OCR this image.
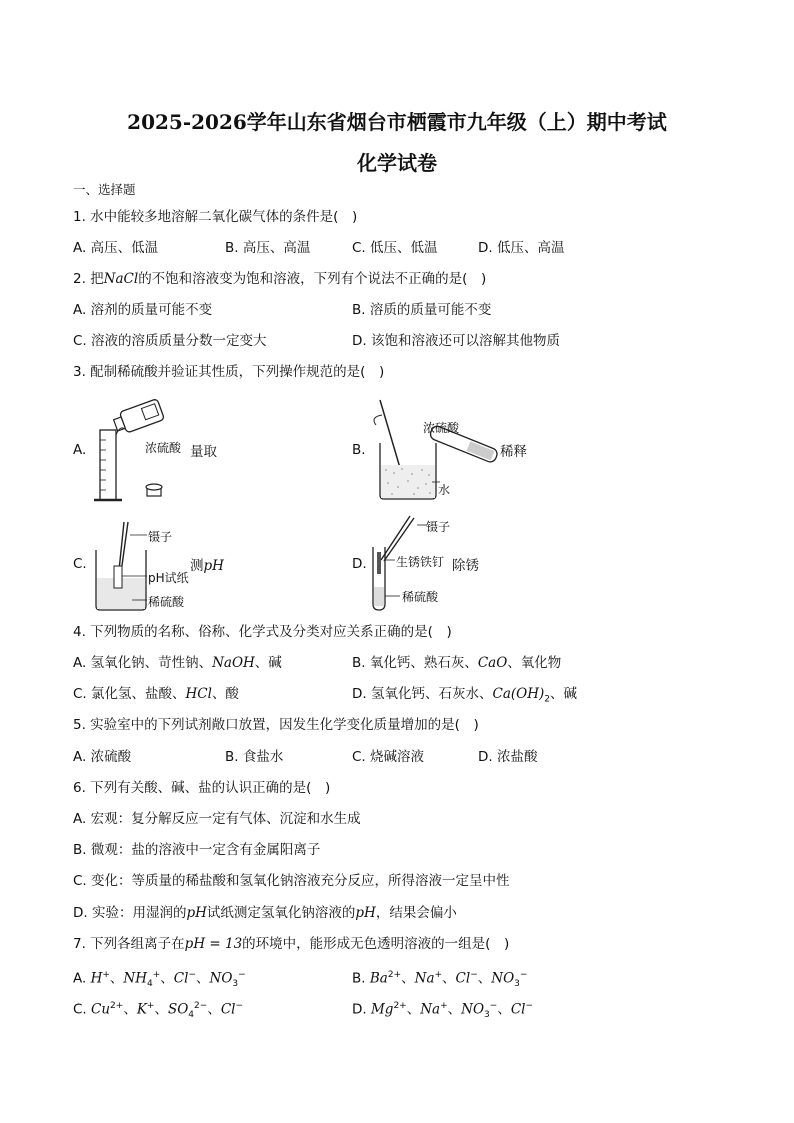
2025-2026学年山东省烟台市栖霞市九年级（上）期中考试
化学试卷
一、选择题
1. 水中能较多地溶解二氧化碳气体的条件是(　)
A. 高压、低温	B. 高压、高温	C. 低压、低温	D. 低压、高温
2. 把NaCl的不饱和溶液变为饱和溶液，下列有个说法不正确的是(　)
A. 溶剂的质量可能不变	B. 溶质的质量可能不变
C. 溶液的溶质质量分数一定变大	D. 该饱和溶液还可以溶解其他物质
3. 配制稀硫酸并验证其性质，下列操作规范的是(　)
A.	浓硫酸 量取	B.
浓硫酸
水
稀释
C.
镊子
pH试纸
稀硫酸
测pH	D.
镊子
生锈铁钉
稀硫酸
除锈
4. 下列物质的名称、俗称、化学式及分类对应关系正确的是(　)
A. 氢氧化钠、苛性钠、NaOH、碱	B. 氧化钙、熟石灰、CaO、氧化物
C. 氯化氢、盐酸、HCl、酸	D. 氢氧化钙、石灰水、$Ca(OH)_2$、碱
5. 实验室中的下列试剂敞口放置，因发生化学变化质量增加的是(　)
A. 浓硫酸	B. 食盐水	C. 烧碱溶液	D. 浓盐酸
6. 下列有关酸、碱、盐的认识正确的是(　)
A. 宏观：复分解反应一定有气体、沉淀和水生成
B. 微观：盐的溶液中一定含有金属阳离子
C. 变化：等质量的稀盐酸和氢氧化钠溶液充分反应，所得溶液一定呈中性
D. 实验：用湿润的pH试纸测定氢氧化钠溶液的pH，结果会偏小
7. 下列各组离子在pH = 13的环境中，能形成无色透明溶液的一组是(　)
A. H+、$NH_4^+$、Cl−、$NO_3^-$	B. $Ba^{2+}$、Na+、Cl−、$NO_3^-$
C. $Cu^{2+}$、K+、$SO_4^{2-}$、Cl−	D. $Mg^{2+}$、Na+、$NO_3^-$、Cl−
